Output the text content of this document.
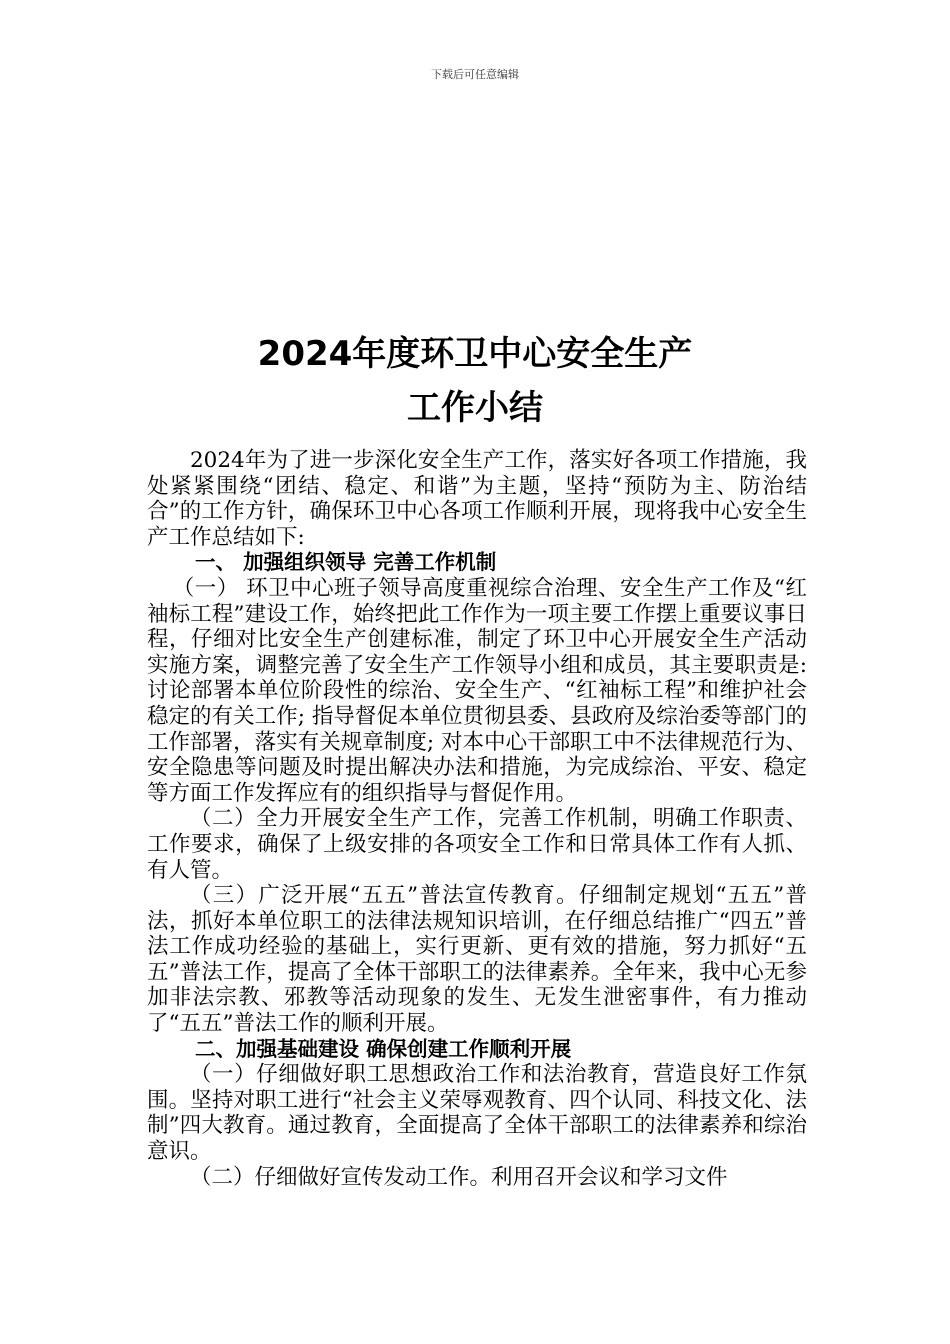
下载后可任意编辑
2024年度环卫中心安全生产
工作小结

2024年为了进一步深化安全生产工作，落实好各项工作措施，我处紧紧围绕“团结、稳定、和谐”为主题，坚持“预防为主、防治结合”的工作方针，确保环卫中心各项工作顺利开展，现将我中心安全生产工作总结如下:

一、 加强组织领导 完善工作机制

（一） 环卫中心班子领导高度重视综合治理、安全生产工作及“红袖标工程”建设工作，始终把此工作作为一项主要工作摆上重要议事日程，仔细对比安全生产创建标准，制定了环卫中心开展安全生产活动实施方案，调整完善了安全生产工作领导小组和成员，其主要职责是: 讨论部署本单位阶段性的综治、安全生产、“红袖标工程”和维护社会稳定的有关工作; 指导督促本单位贯彻县委、县政府及综治委等部门的工作部署，落实有关规章制度; 对本中心干部职工中不法律规范行为、安全隐患等问题及时提出解决办法和措施，为完成综治、平安、稳定等方面工作发挥应有的组织指导与督促作用。

（二）全力开展安全生产工作，完善工作机制，明确工作职责、工作要求，确保了上级安排的各项安全工作和日常具体工作有人抓、有人管。

（三）广泛开展“五五”普法宣传教育。仔细制定规划“五五”普法，抓好本单位职工的法律法规知识培训，在仔细总结推广“四五”普法工作成功经验的基础上，实行更新、更有效的措施，努力抓好“五五”普法工作，提高了全体干部职工的法律素养。全年来，我中心无参加非法宗教、邪教等活动现象的发生、无发生泄密事件，有力推动了“五五”普法工作的顺利开展。

二、加强基础建设 确保创建工作顺利开展

（一）仔细做好职工思想政治工作和法治教育，营造良好工作氛围。坚持对职工进行“社会主义荣辱观教育、四个认同、科技文化、法制”四大教育。通过教育，全面提高了全体干部职工的法律素养和综治意识。

（二）仔细做好宣传发动工作。利用召开会议和学习文件
